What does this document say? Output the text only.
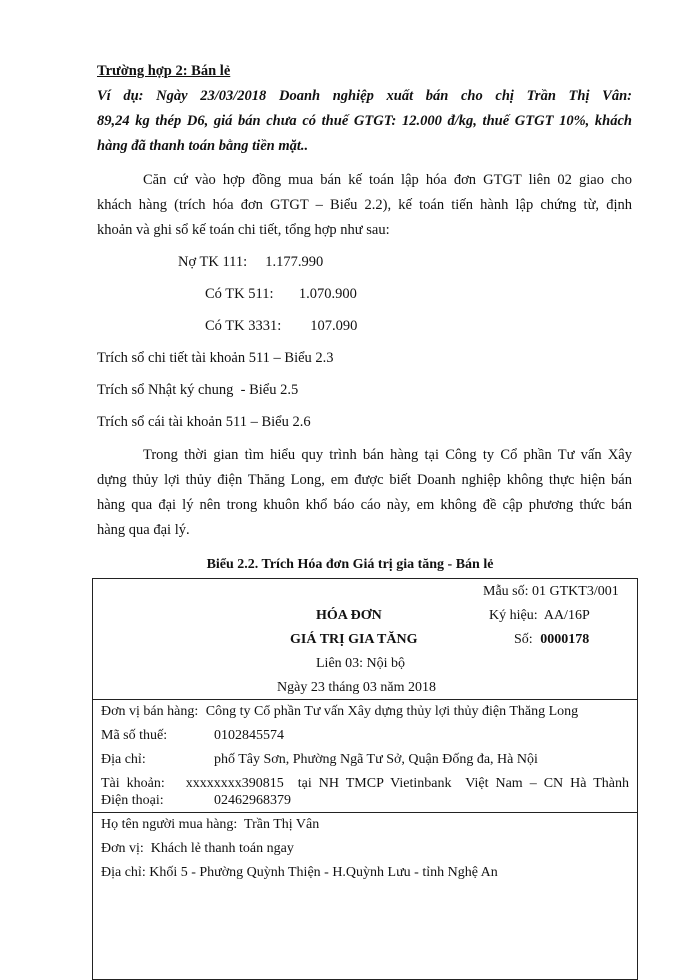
Trường hợp 2: Bán lẻ
Ví dụ: Ngày 23/03/2018 Doanh nghiệp xuất bán cho chị Trần Thị Vân:
89,24 kg thép D6, giá bán chưa có thuế GTGT: 12.000 đ/kg, thuế GTGT 10%, khách
hàng đã thanh toán bằng tiền mặt..
Căn cứ vào hợp đồng mua bán kế toán lập hóa đơn GTGT liên 02 giao cho
khách hàng (trích hóa đơn GTGT – Biểu 2.2), kế toán tiến hành lập chứng từ, định
khoản và ghi sổ kế toán chi tiết, tổng hợp như sau:
Nợ TK 111:     1.177.990
Có TK 511:       1.070.900
Có TK 3331:        107.090
Trích sổ chi tiết tài khoản 511 – Biểu 2.3
Trích sổ Nhật ký chung  - Biểu 2.5
Trích sổ cái tài khoản 511 – Biểu 2.6
Trong thời gian tìm hiểu quy trình bán hàng tại Công ty Cổ phần Tư vấn Xây
dựng thủy lợi thủy điện Thăng Long, em được biết Doanh nghiệp không thực hiện bán
hàng qua đại lý nên trong khuôn khổ báo cáo này, em không đề cập phương thức bán
hàng qua đại lý.
Biểu 2.2. Trích Hóa đơn Giá trị gia tăng - Bán lẻ
Mẫu số: 01 GTKT3/001
HÓA ĐƠN	Ký hiệu:  AA/16P
GIÁ TRỊ GIA TĂNG	Số: 0000178
Liên 03: Nội bộ
Ngày 23 tháng 03 năm 2018
Đơn vị bán hàng: Công ty Cổ phần Tư vấn Xây dựng thủy lợi thủy điện Thăng Long
Mã số thuế:	0102845574
Địa chỉ:	phố Tây Sơn, Phường Ngã Tư Sở, Quận Đống đa, Hà Nội
Tài khoản:   xxxxxxxx390815  tại NH TMCP Vietinbank  Việt Nam – CN Hà Thành
Điện thoại:	02462968379
Họ tên người mua hàng:  Trần Thị Vân
Đơn vị:  Khách lẻ thanh toán ngay
Địa chỉ: Khối 5 - Phường Quỳnh Thiện - H.Quỳnh Lưu - tỉnh Nghệ An
